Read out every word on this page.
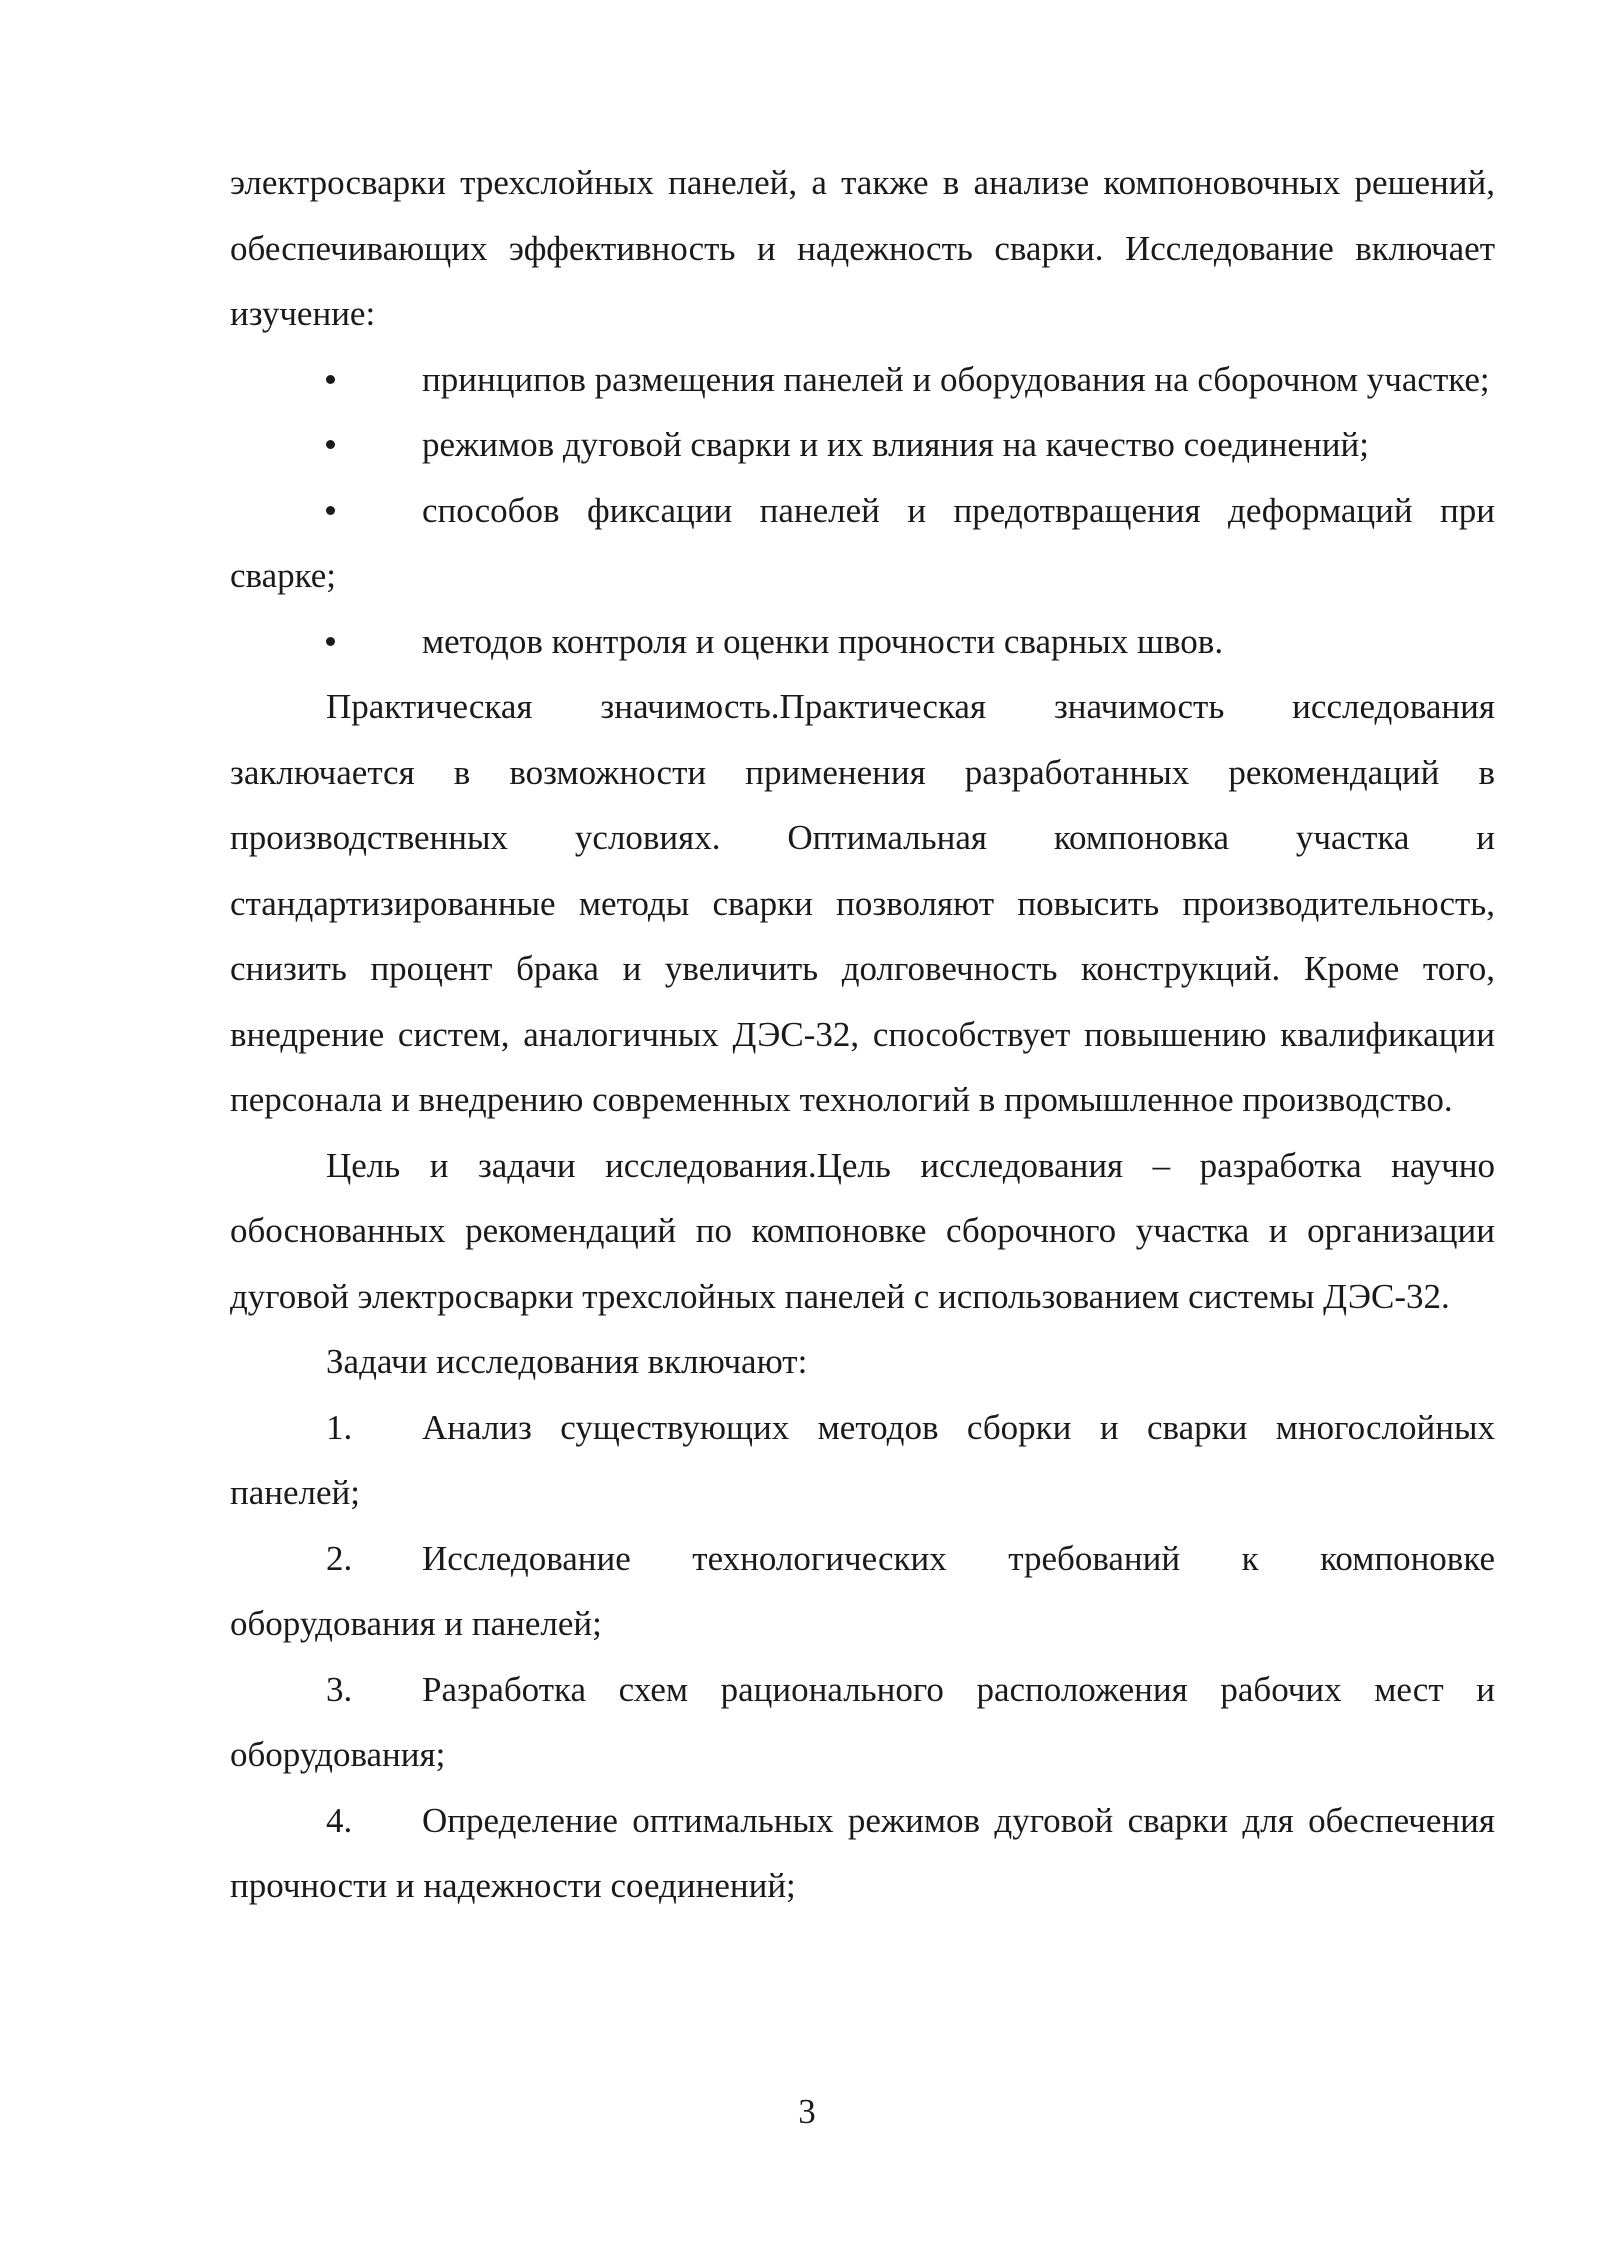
электросварки трехслойных панелей, а также в анализе компоновочных решений, обеспечивающих эффективность и надежность сварки. Исследование включает изучение:

принципов размещения панелей и оборудования на сборочном участке;

режимов дуговой сварки и их влияния на качество соединений;

способов фиксации панелей и предотвращения деформаций при сварке;

методов контроля и оценки прочности сварных швов.

Практическая значимость.Практическая значимость исследования заключается в возможности применения разработанных рекомендаций в производственных условиях. Оптимальная компоновка участка и стандартизированные методы сварки позволяют повысить производительность, снизить процент брака и увеличить долговечность конструкций. Кроме того, внедрение систем, аналогичных ДЭС-32, способствует повышению квалификации персонала и внедрению современных технологий в промышленное производство.

Цель и задачи исследования.Цель исследования – разработка научно обоснованных рекомендаций по компоновке сборочного участка и организации дуговой электросварки трехслойных панелей с использованием системы ДЭС-32.

Задачи исследования включают:

1. Анализ существующих методов сборки и сварки многослойных панелей;

2. Исследование технологических требований к компоновке оборудования и панелей;

3. Разработка схем рационального расположения рабочих мест и оборудования;

4. Определение оптимальных режимов дуговой сварки для обеспечения прочности и надежности соединений;

3
